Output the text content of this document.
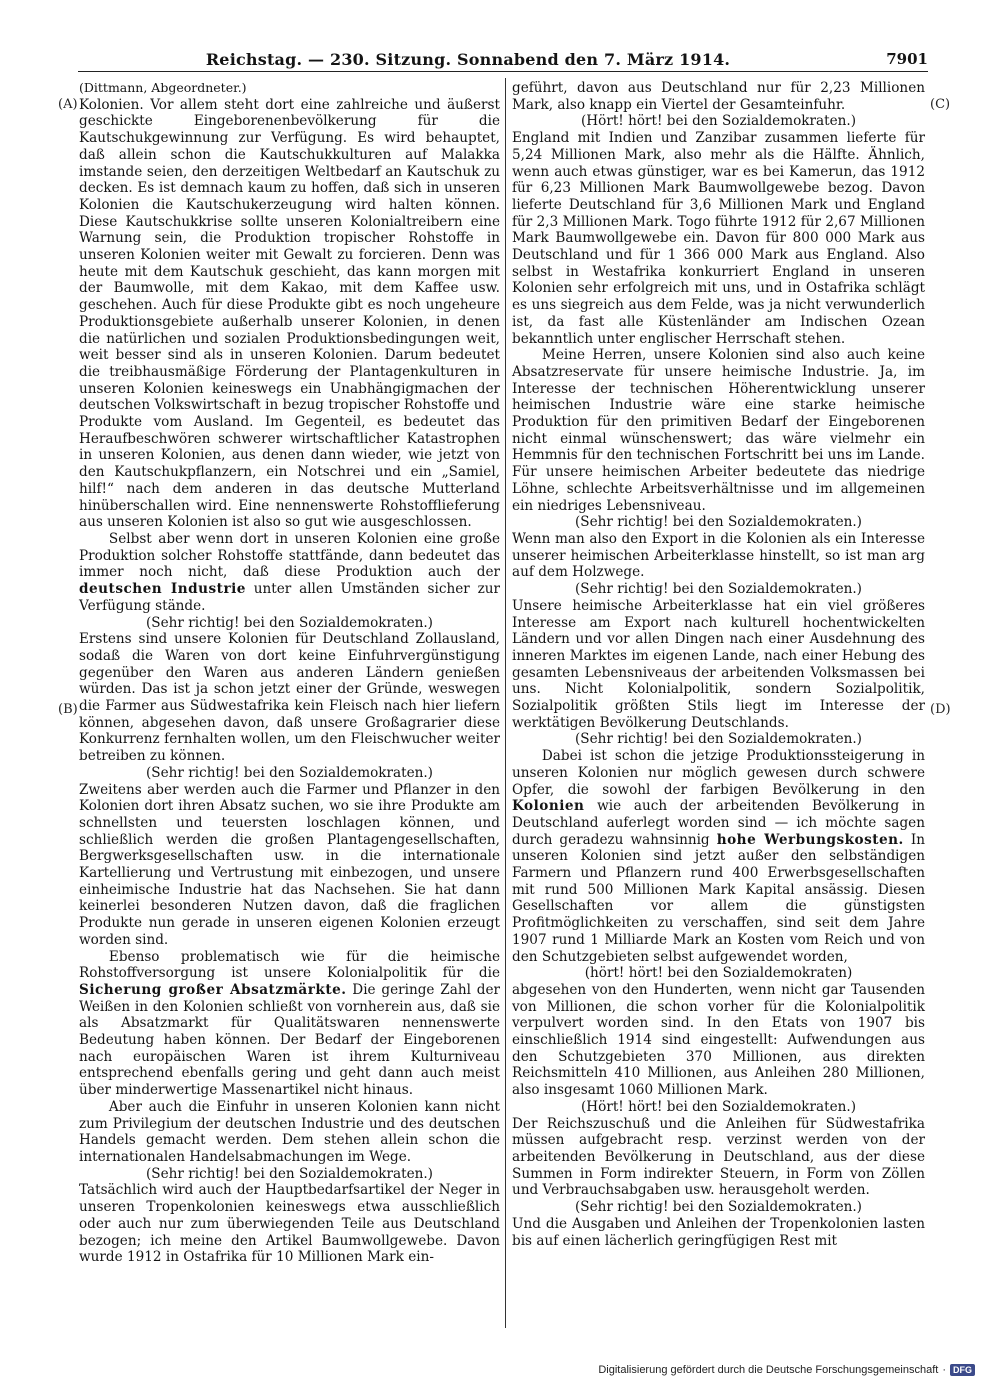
Reichstag. — 230. Sitzung. Sonnabend den 7. März 1914.	7901
(A)
(B)
(C)
(D)

(Dittmann, Abgeordneter.)

Kolonien. Vor allem steht dort eine zahlreiche und äußerst geschickte Eingeborenenbevölkerung für die Kautschukgewinnung zur Verfügung. Es wird behauptet, daß allein schon die Kautschukkulturen auf Malakka imstande seien, den derzeitigen Weltbedarf an Kautschuk zu decken. Es ist demnach kaum zu hoffen, daß sich in unseren Kolonien die Kautschukerzeugung wird halten können. Diese Kautschukkrise sollte unseren Kolonialtreibern eine Warnung sein, die Produktion tropischer Rohstoffe in unseren Kolonien weiter mit Gewalt zu forcieren. Denn was heute mit dem Kautschuk geschieht, das kann morgen mit der Baumwolle, mit dem Kakao, mit dem Kaffee usw. geschehen. Auch für diese Produkte gibt es noch ungeheure Produktionsgebiete außerhalb unserer Kolonien, in denen die natürlichen und sozialen Produktionsbedingungen weit, weit besser sind als in unseren Kolonien. Darum bedeutet die treibhausmäßige Förderung der Plantagenkulturen in unseren Kolonien keineswegs ein Unabhängigmachen der deutschen Volkswirtschaft in bezug tropischer Rohstoffe und Produkte vom Ausland. Im Gegenteil, es bedeutet das Heraufbeschwören schwerer wirtschaftlicher Katastrophen in unseren Kolonien, aus denen dann wieder, wie jetzt von den Kautschukpflanzern, ein Notschrei und ein „Samiel, hilf!“ nach dem anderen in das deutsche Mutterland hinüberschallen wird. Eine nennenswerte Rohstofflieferung aus unseren Kolonien ist also so gut wie ausgeschlossen.

Selbst aber wenn dort in unseren Kolonien eine große Produktion solcher Rohstoffe stattfände, dann bedeutet das immer noch nicht, daß diese Produktion auch der deutschen Industrie unter allen Umständen sicher zur Verfügung stände.

(Sehr richtig! bei den Sozialdemokraten.)

Erstens sind unsere Kolonien für Deutschland Zollausland, sodaß die Waren von dort keine Einfuhrvergünstigung gegenüber den Waren aus anderen Ländern genießen würden. Das ist ja schon jetzt einer der Gründe, weswegen die Farmer aus Südwestafrika kein Fleisch nach hier liefern können, abgesehen davon, daß unsere Großagrarier diese Konkurrenz fernhalten wollen, um den Fleischwucher weiter betreiben zu können.

(Sehr richtig! bei den Sozialdemokraten.)

Zweitens aber werden auch die Farmer und Pflanzer in den Kolonien dort ihren Absatz suchen, wo sie ihre Produkte am schnellsten und teuersten loschlagen können, und schließlich werden die großen Plantagengesellschaften, Bergwerksgesellschaften usw. in die internationale Kartellierung und Vertrustung mit einbezogen, und unsere einheimische Industrie hat das Nachsehen. Sie hat dann keinerlei besonderen Nutzen davon, daß die fraglichen Produkte nun gerade in unseren eigenen Kolonien erzeugt worden sind.

Ebenso problematisch wie für die heimische Rohstoffversorgung ist unsere Kolonialpolitik für die Sicherung großer Absatzmärkte. Die geringe Zahl der Weißen in den Kolonien schließt von vornherein aus, daß sie als Absatzmarkt für Qualitätswaren nennenswerte Bedeutung haben können. Der Bedarf der Eingeborenen nach europäischen Waren ist ihrem Kulturniveau entsprechend ebenfalls gering und geht dann auch meist über minderwertige Massenartikel nicht hinaus.

Aber auch die Einfuhr in unseren Kolonien kann nicht zum Privilegium der deutschen Industrie und des deutschen Handels gemacht werden. Dem stehen allein schon die internationalen Handelsabmachungen im Wege.

(Sehr richtig! bei den Sozialdemokraten.)

Tatsächlich wird auch der Hauptbedarfsartikel der Neger in unseren Tropenkolonien keineswegs etwa ausschließlich oder auch nur zum überwiegenden Teile aus Deutschland bezogen; ich meine den Artikel Baumwollgewebe. Davon wurde 1912 in Ostafrika für 10 Millionen Mark ein-

geführt, davon aus Deutschland nur für 2,23 Millionen Mark, also knapp ein Viertel der Gesamteinfuhr.

(Hört! hört! bei den Sozialdemokraten.)

England mit Indien und Zanzibar zusammen lieferte für 5,24 Millionen Mark, also mehr als die Hälfte. Ähnlich, wenn auch etwas günstiger, war es bei Kamerun, das 1912 für 6,23 Millionen Mark Baumwollgewebe bezog. Davon lieferte Deutschland für 3,6 Millionen Mark und England für 2,3 Millionen Mark. Togo führte 1912 für 2,67 Millionen Mark Baumwollgewebe ein. Davon für 800 000 Mark aus Deutschland und für 1 366 000 Mark aus England. Also selbst in Westafrika konkurriert England in unseren Kolonien sehr erfolgreich mit uns, und in Ostafrika schlägt es uns siegreich aus dem Felde, was ja nicht verwunderlich ist, da fast alle Küstenländer am Indischen Ozean bekanntlich unter englischer Herrschaft stehen.

Meine Herren, unsere Kolonien sind also auch keine Absatzreservate für unsere heimische Industrie. Ja, im Interesse der technischen Höherentwicklung unserer heimischen Industrie wäre eine starke heimische Produktion für den primitiven Bedarf der Eingeborenen nicht einmal wünschenswert; das wäre vielmehr ein Hemmnis für den technischen Fortschritt bei uns im Lande. Für unsere heimischen Arbeiter bedeutete das niedrige Löhne, schlechte Arbeitsverhältnisse und im allgemeinen ein niedriges Lebensniveau.

(Sehr richtig! bei den Sozialdemokraten.)

Wenn man also den Export in die Kolonien als ein Interesse unserer heimischen Arbeiterklasse hinstellt, so ist man arg auf dem Holzwege.

(Sehr richtig! bei den Sozialdemokraten.)

Unsere heimische Arbeiterklasse hat ein viel größeres Interesse am Export nach kulturell hochentwickelten Ländern und vor allen Dingen nach einer Ausdehnung des inneren Marktes im eigenen Lande, nach einer Hebung des gesamten Lebensniveaus der arbeitenden Volksmassen bei uns. Nicht Kolonialpolitik, sondern Sozialpolitik, Sozialpolitik größten Stils liegt im Interesse der werktätigen Bevölkerung Deutschlands.

(Sehr richtig! bei den Sozialdemokraten.)

Dabei ist schon die jetzige Produktionssteigerung in unseren Kolonien nur möglich gewesen durch schwere Opfer, die sowohl der farbigen Bevölkerung in den Kolonien wie auch der arbeitenden Bevölkerung in Deutschland auferlegt worden sind — ich möchte sagen durch geradezu wahnsinnig hohe Werbungskosten. In unseren Kolonien sind jetzt außer den selbständigen Farmern und Pflanzern rund 400 Erwerbsgesellschaften mit rund 500 Millionen Mark Kapital ansässig. Diesen Gesellschaften vor allem die günstigsten Profitmöglichkeiten zu verschaffen, sind seit dem Jahre 1907 rund 1 Milliarde Mark an Kosten vom Reich und von den Schutzgebieten selbst aufgewendet worden,

(hört! hört! bei den Sozialdemokraten)

abgesehen von den Hunderten, wenn nicht gar Tausenden von Millionen, die schon vorher für die Kolonialpolitik verpulvert worden sind. In den Etats von 1907 bis einschließlich 1914 sind eingestellt: Aufwendungen aus den Schutzgebieten 370 Millionen, aus direkten Reichsmitteln 410 Millionen, aus Anleihen 280 Millionen, also insgesamt 1060 Millionen Mark.

(Hört! hört! bei den Sozialdemokraten.)

Der Reichszuschuß und die Anleihen für Südwestafrika müssen aufgebracht resp. verzinst werden von der arbeitenden Bevölkerung in Deutschland, aus der diese Summen in Form indirekter Steuern, in Form von Zöllen und Verbrauchsabgaben usw. herausgeholt werden.

(Sehr richtig! bei den Sozialdemokraten.)

Und die Ausgaben und Anleihen der Tropenkolonien lasten bis auf einen lächerlich geringfügigen Rest mit

Digitalisierung gefördert durch die Deutsche Forschungsgemeinschaft · DFG
